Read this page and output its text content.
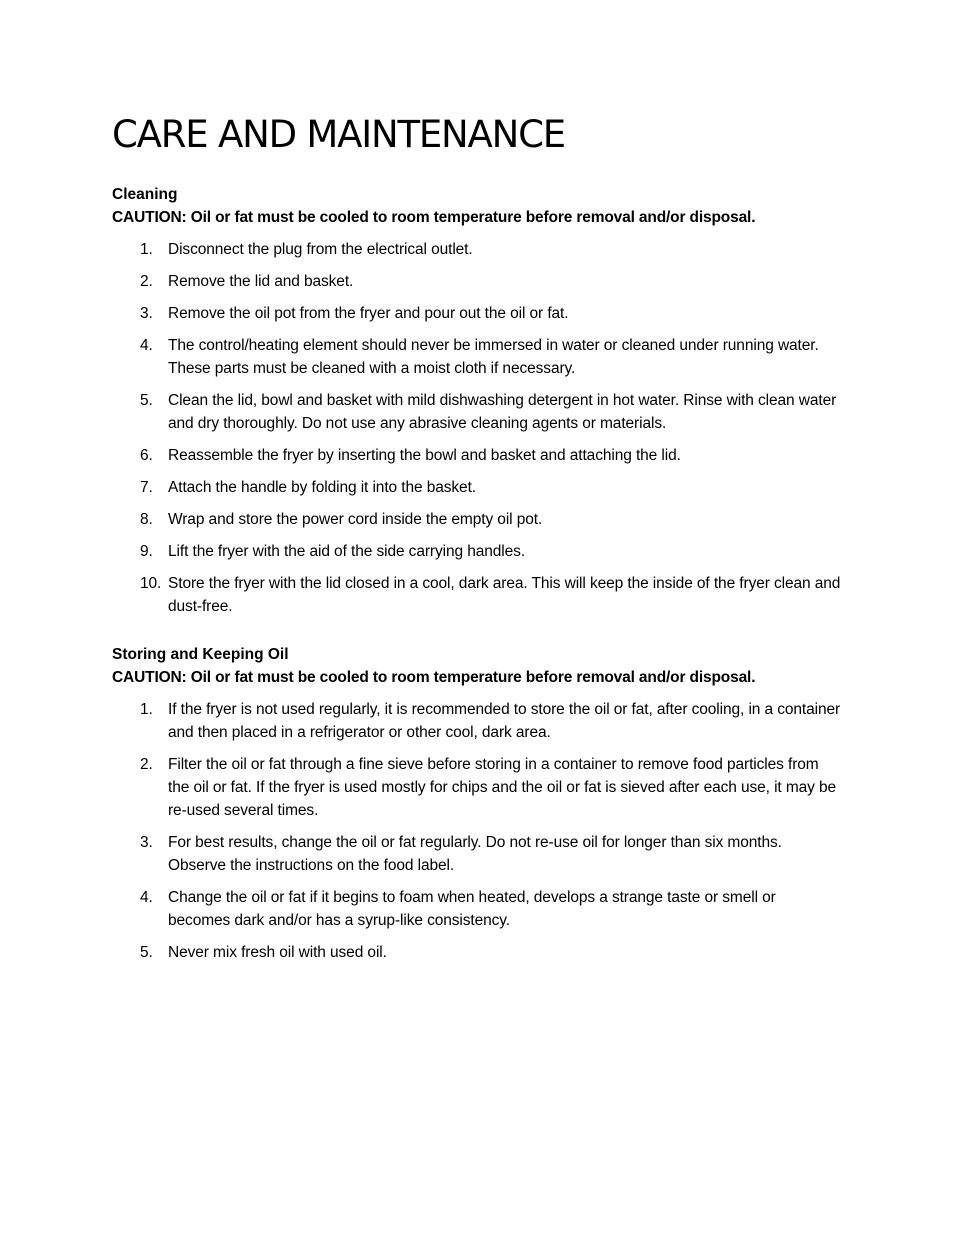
CARE AND MAINTENANCE

Cleaning

CAUTION: Oil or fat must be cooled to room temperature before removal and/or disposal.

1. Disconnect the plug from the electrical outlet.
2. Remove the lid and basket.
3. Remove the oil pot from the fryer and pour out the oil or fat.
4. The control/heating element should never be immersed in water or cleaned under running water. These parts must be cleaned with a moist cloth if necessary.
5. Clean the lid, bowl and basket with mild dishwashing detergent in hot water. Rinse with clean water and dry thoroughly. Do not use any abrasive cleaning agents or materials.
6. Reassemble the fryer by inserting the bowl and basket and attaching the lid.
7. Attach the handle by folding it into the basket.
8. Wrap and store the power cord inside the empty oil pot.
9. Lift the fryer with the aid of the side carrying handles.
10. Store the fryer with the lid closed in a cool, dark area. This will keep the inside of the fryer clean and dust-free.

Storing and Keeping Oil

CAUTION: Oil or fat must be cooled to room temperature before removal and/or disposal.

1. If the fryer is not used regularly, it is recommended to store the oil or fat, after cooling, in a container and then placed in a refrigerator or other cool, dark area.
2. Filter the oil or fat through a fine sieve before storing in a container to remove food particles from the oil or fat. If the fryer is used mostly for chips and the oil or fat is sieved after each use, it may be re-used several times.
3. For best results, change the oil or fat regularly. Do not re-use oil for longer than six months. Observe the instructions on the food label.
4. Change the oil or fat if it begins to foam when heated, develops a strange taste or smell or becomes dark and/or has a syrup-like consistency.
5. Never mix fresh oil with used oil.
